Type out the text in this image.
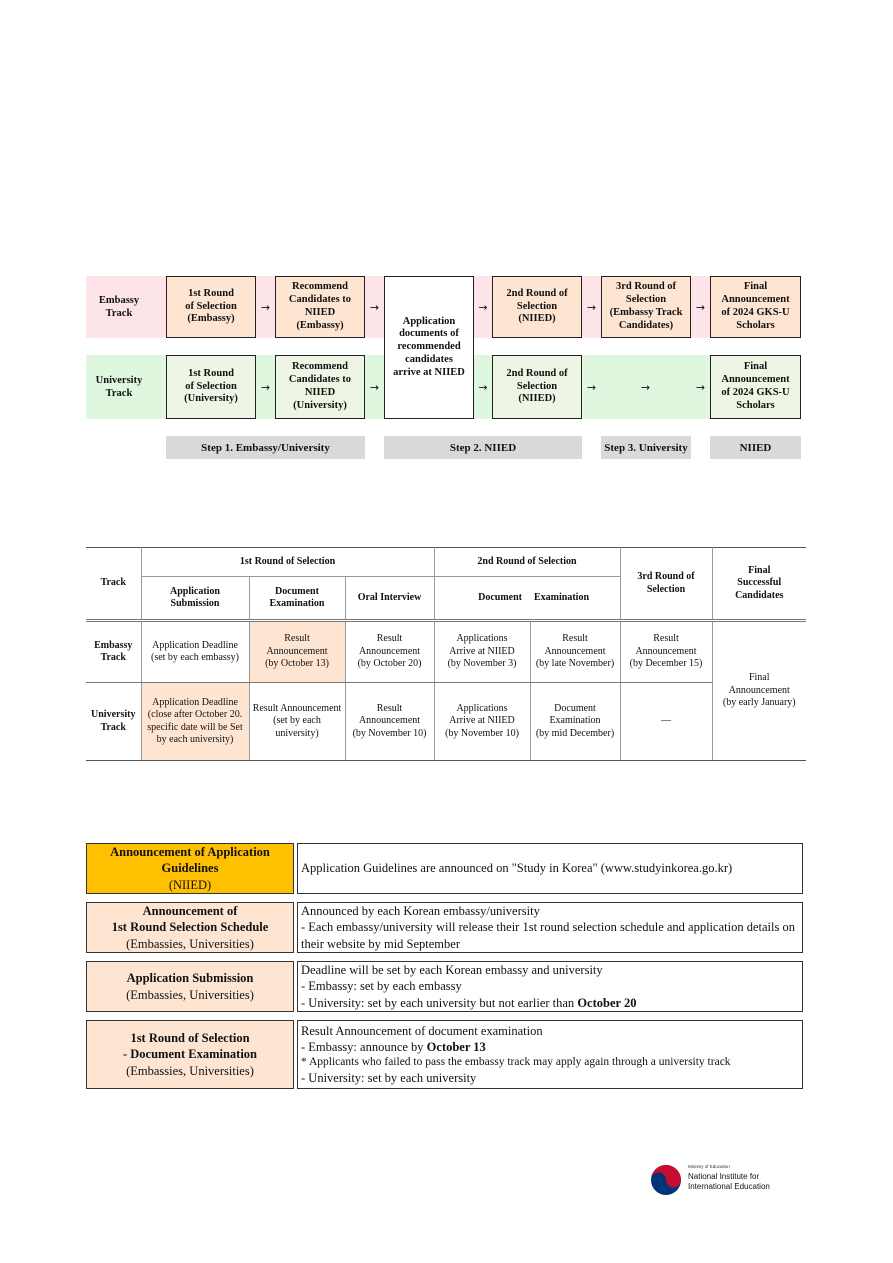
Embassy
Track
University
Track
1st Round
of Selection
(Embassy)
→
Recommend
Candidates to
NIIED
(Embassy)
→
Application
documents of
recommended
candidates
arrive at NIIED
→
2nd Round of
Selection
(NIIED)
→
3rd Round of
Selection
(Embassy Track
Candidates)
→
Final
Announcement
of 2024 GKS-U
Scholars
1st Round
of Selection
(University)
→
Recommend
Candidates to
NIIED
(University)
→	→
2nd Round of
Selection
(NIIED)
→	→	→
Final
Announcement
of 2024 GKS-U
Scholars
Step 1. Embassy/University	Step 2. NIIED	Step 3. University	NIIED
Track	1st Round of Selection			2nd Round of Selection		3rd Round of
Selection	Final
Successful
Candidates
	Application
Submission	Document
Examination	Oral Interview	Document	Examination		
Embassy
Track	Application Deadline
(set by each embassy)	Result
Announcement
(by October 13)	Result
Announcement
(by October 20)	Applications
Arrive at NIIED
(by November 3)	Result
Announcement
(by late November)	Result
Announcement
(by December 15)	Final
Announcement
(by early January)
University
Track	Application Deadline
(close after October 20.
specific date will be Set
by each university)	Result Announcement
(set by each
university)	Result
Announcement
(by November 10)	Applications
Arrive at NIIED
(by November 10)	Document
Examination
(by mid December)	—	
Announcement of Application
Guidelines
(NIIED)
Application Guidelines are announced on "Study in Korea" (www.studyinkorea.go.kr)
Announcement of
1st Round Selection Schedule
(Embassies, Universities)
Announced by each Korean embassy/university
- Each embassy/university will release their 1st round selection schedule and application details on their website by mid September
Application Submission
(Embassies, Universities)
Deadline will be set by each Korean embassy and university
- Embassy: set by each embassy
- University: set by each university but not earlier than October 20
1st Round of Selection
- Document Examination
(Embassies, Universities)
Result Announcement of document examination
- Embassy: announce by October 13
* Applicants who failed to pass the embassy track may apply again through a university track
- University: set by each university
Ministry of Education
National Institute for
International Education
